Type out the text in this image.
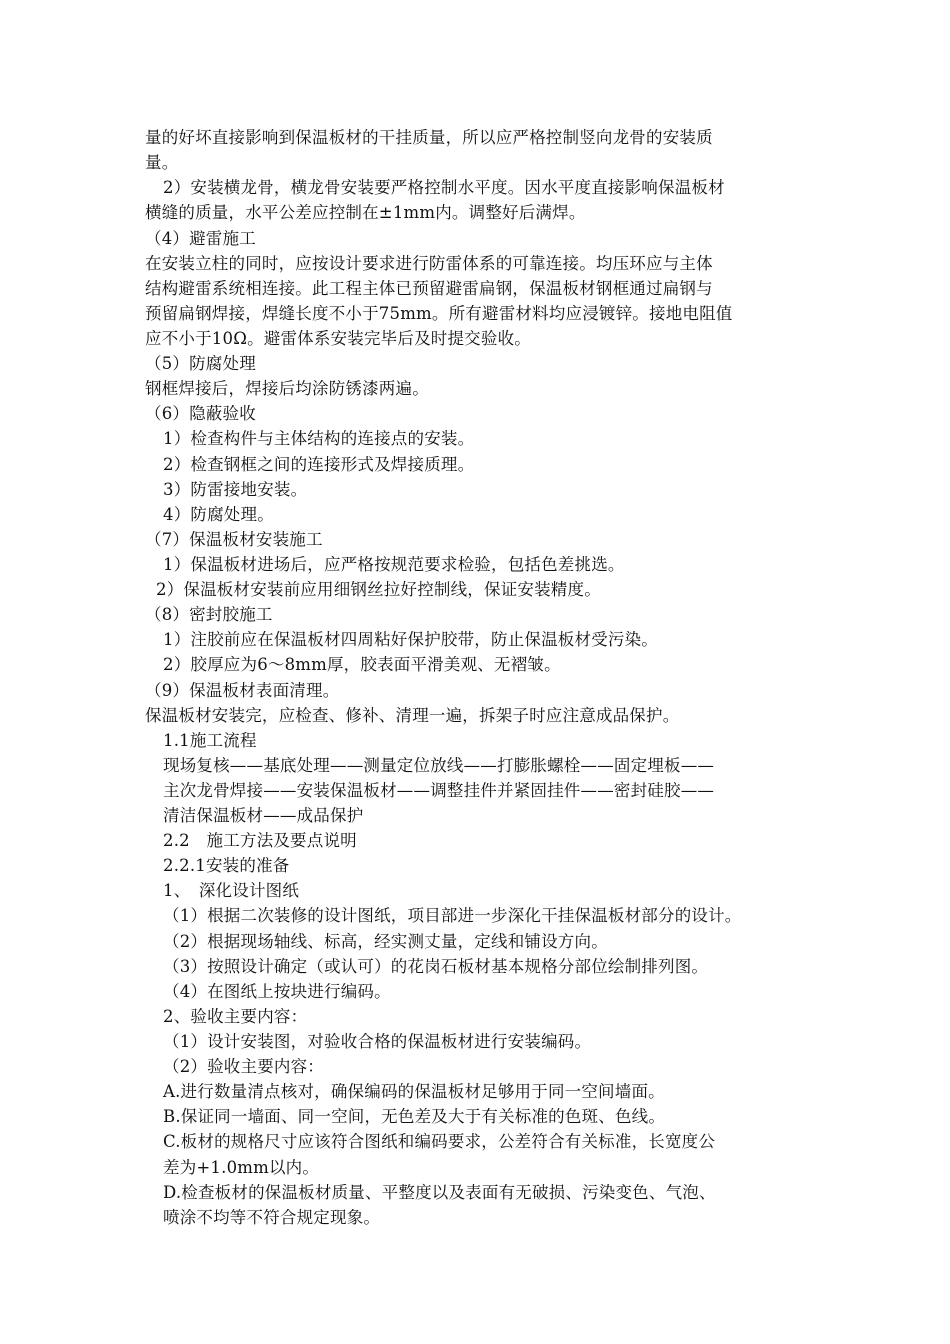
量的好坏直接影响到保温板材的干挂质量，所以应严格控制竖向龙骨的安装质
量。
2）安装横龙骨，横龙骨安装要严格控制水平度。因水平度直接影响保温板材
横缝的质量，水平公差应控制在±1mm内。调整好后满焊。
（4）避雷施工
在安装立柱的同时，应按设计要求进行防雷体系的可靠连接。均压环应与主体
结构避雷系统相连接。此工程主体已预留避雷扁钢，保温板材钢框通过扁钢与
预留扁钢焊接，焊缝长度不小于75mm。所有避雷材料均应浸镀锌。接地电阻值
应不小于10Ω。避雷体系安装完毕后及时提交验收。
（5）防腐处理
钢框焊接后，焊接后均涂防锈漆两遍。
（6）隐蔽验收
1）检查构件与主体结构的连接点的安装。
2）检查钢框之间的连接形式及焊接质理。
3）防雷接地安装。
4）防腐处理。
（7）保温板材安装施工
1）保温板材进场后，应严格按规范要求检验，包括色差挑选。
2）保温板材安装前应用细钢丝拉好控制线，保证安装精度。
（8）密封胶施工
1）注胶前应在保温板材四周粘好保护胶带，防止保温板材受污染。
2）胶厚应为6～8mm厚，胶表面平滑美观、无褶皱。
（9）保温板材表面清理。
保温板材安装完，应检查、修补、清理一遍，拆架子时应注意成品保护。
1.1施工流程
现场复核——基底处理——测量定位放线——打膨胀螺栓——固定埋板——
主次龙骨焊接——安装保温板材——调整挂件并紧固挂件——密封硅胶——
清洁保温板材——成品保护
2.2　施工方法及要点说明
2.2.1安装的准备
1、　深化设计图纸
（1）根据二次装修的设计图纸，项目部进一步深化干挂保温板材部分的设计。
（2）根据现场轴线、标高，经实测丈量，定线和铺设方向。
（3）按照设计确定（或认可）的花岗石板材基本规格分部位绘制排列图。
（4）在图纸上按块进行编码。
2、验收主要内容：
（1）设计安装图，对验收合格的保温板材进行安装编码。
（2）验收主要内容：
A.进行数量清点核对，确保编码的保温板材足够用于同一空间墙面。
B.保证同一墙面、同一空间，无色差及大于有关标准的色斑、色线。
C.板材的规格尺寸应该符合图纸和编码要求，公差符合有关标准，长宽度公
差为+1.0mm以内。
D.检查板材的保温板材质量、平整度以及表面有无破损、污染变色、气泡、
喷涂不均等不符合规定现象。
